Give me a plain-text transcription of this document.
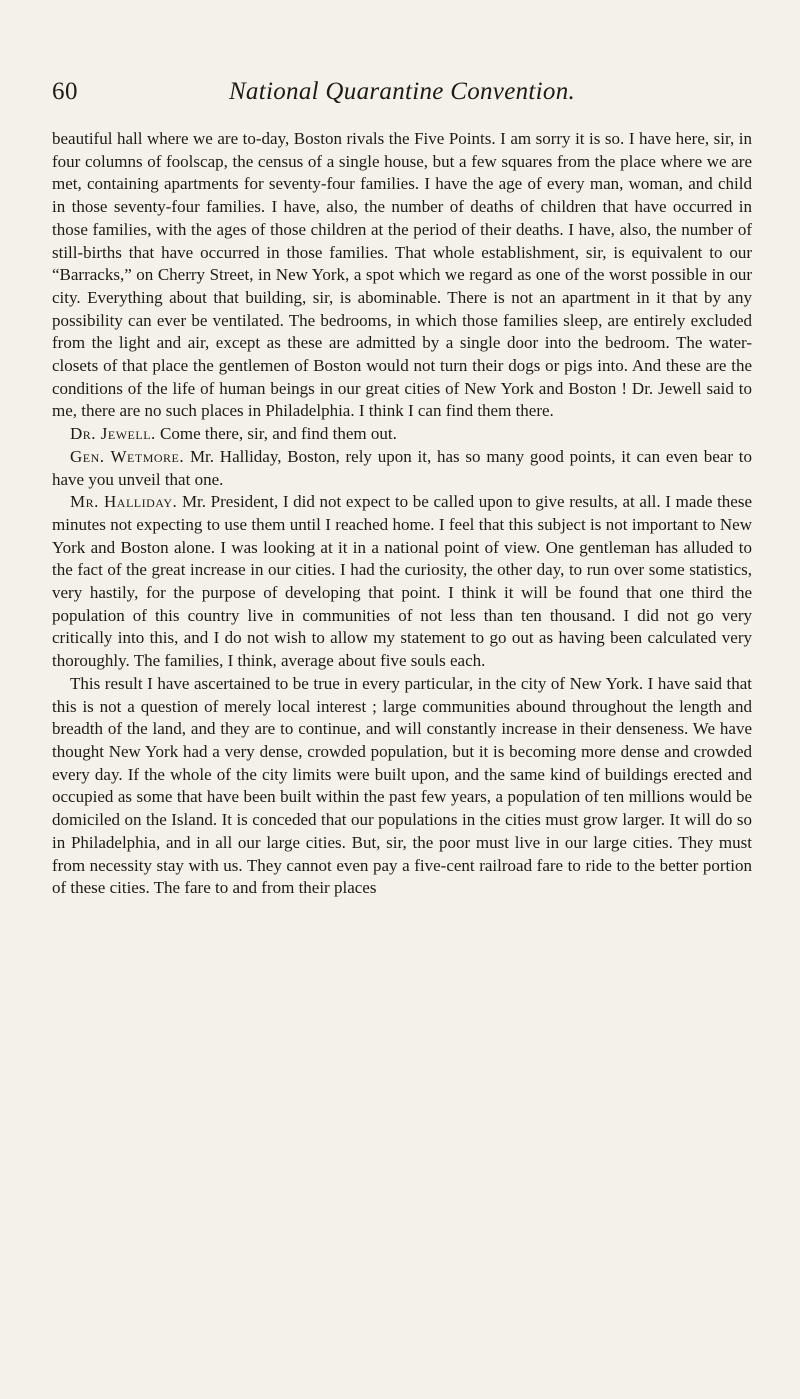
60	National Quarantine Convention.

beautiful hall where we are to-day, Boston rivals the Five Points. I am sorry it is so. I have here, sir, in four columns of foolscap, the census of a single house, but a few squares from the place where we are met, containing apartments for seventy-four families. I have the age of every man, woman, and child in those seventy-four families. I have, also, the number of deaths of children that have occurred in those families, with the ages of those children at the period of their deaths. I have, also, the number of still-births that have occurred in those families. That whole establishment, sir, is equivalent to our “Barracks,” on Cherry Street, in New York, a spot which we regard as one of the worst possible in our city. Everything about that building, sir, is abominable. There is not an apartment in it that by any possibility can ever be ventilated. The bedrooms, in which those families sleep, are entirely excluded from the light and air, except as these are admitted by a single door into the bedroom. The water-closets of that place the gentlemen of Boston would not turn their dogs or pigs into. And these are the conditions of the life of human beings in our great cities of New York and Boston ! Dr. Jewell said to me, there are no such places in Philadelphia. I think I can find them there.

Dr. Jewell. Come there, sir, and find them out.

Gen. Wetmore. Mr. Halliday, Boston, rely upon it, has so many good points, it can even bear to have you unveil that one.

Mr. Halliday. Mr. President, I did not expect to be called upon to give results, at all. I made these minutes not expecting to use them until I reached home. I feel that this subject is not important to New York and Boston alone. I was looking at it in a national point of view. One gentleman has alluded to the fact of the great increase in our cities. I had the curiosity, the other day, to run over some statistics, very hastily, for the purpose of developing that point. I think it will be found that one third the population of this country live in communities of not less than ten thousand. I did not go very critically into this, and I do not wish to allow my statement to go out as having been calculated very thoroughly. The families, I think, average about five souls each.

This result I have ascertained to be true in every particular, in the city of New York. I have said that this is not a question of merely local interest ; large communities abound throughout the length and breadth of the land, and they are to continue, and will constantly increase in their denseness. We have thought New York had a very dense, crowded population, but it is becoming more dense and crowded every day. If the whole of the city limits were built upon, and the same kind of buildings erected and occupied as some that have been built within the past few years, a population of ten millions would be domiciled on the Island. It is conceded that our populations in the cities must grow larger. It will do so in Philadelphia, and in all our large cities. But, sir, the poor must live in our large cities. They must from necessity stay with us. They cannot even pay a five-cent railroad fare to ride to the better portion of these cities. The fare to and from their places
